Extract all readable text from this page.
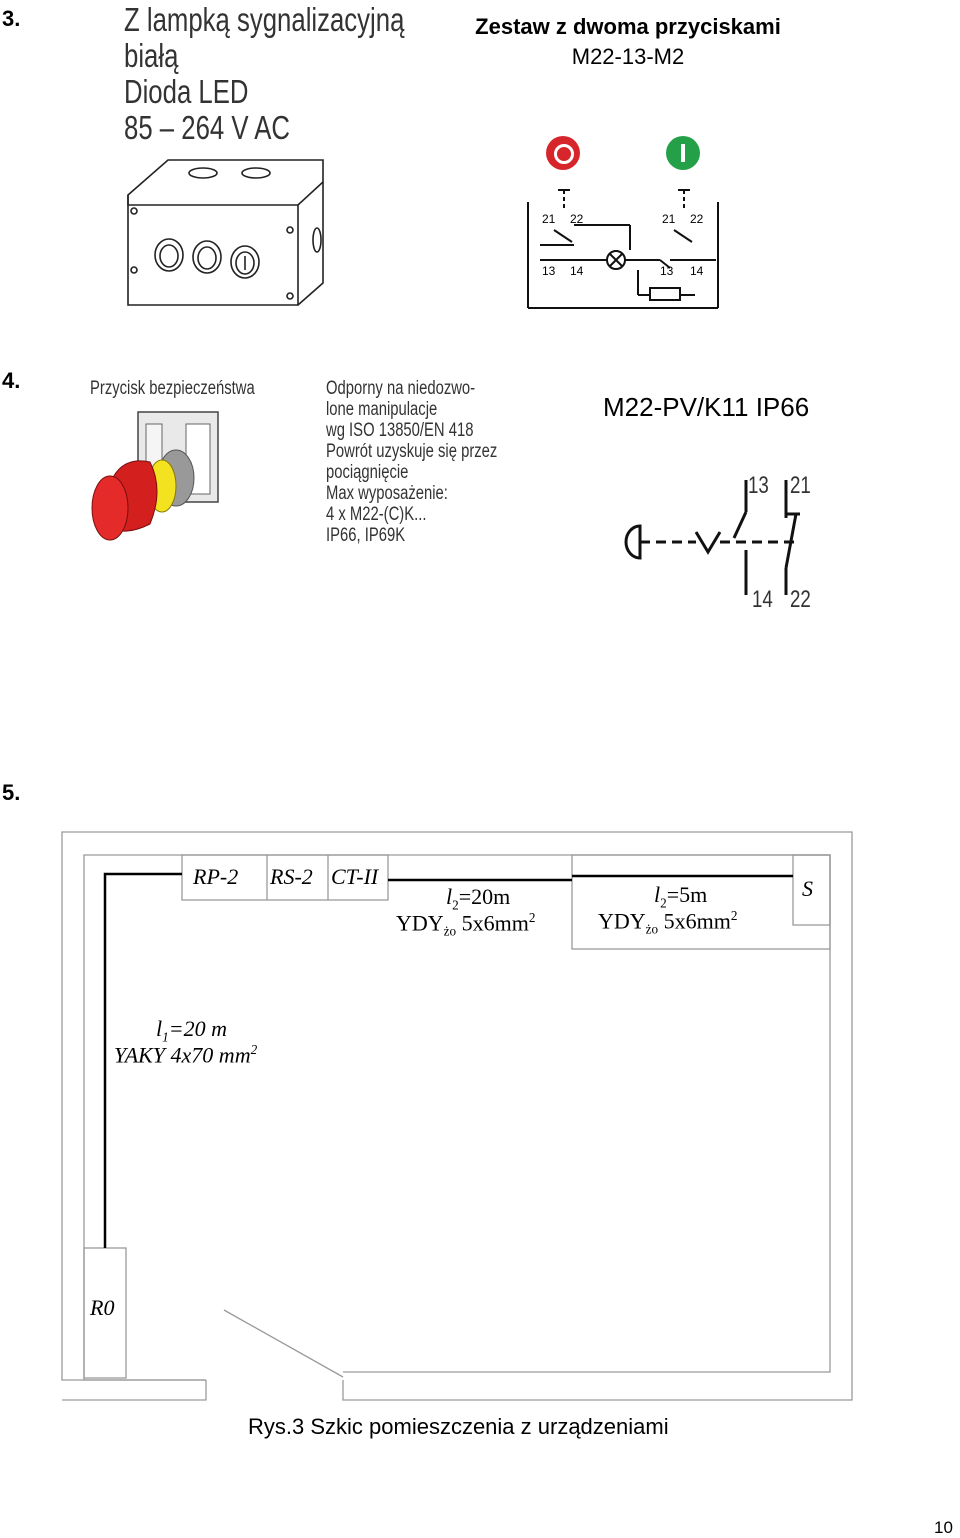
3.	Z lampką sygnalizacyjną
białą
Dioda LED
85 – 264 V AC
Zestaw z dwoma przyciskami
M22-13-M2
21 22	21 22
13 14	13 14
4.	Przycisk bezpieczeństwa	Odporny na niedozwo-
lone manipulacje
wg ISO 13850/EN 418
Powrót uzyskuje się przez
pociągnięcie
Max wyposażenie:
4 x M22-(C)K...
IP66, IP69K
M22-PV/K11 IP66
13 21
14 22
5.
RP-2 RS-2 CT-II	S
R0
$l_2=20m$
$YDY_{żo}$ $5x6mm^2$
$l_2=5m$
$YDY_{żo}$ $5x6mm^2$
$l_1=20$ m
YAKY 4x70 $mm^2$
Rys.3 Szkic pomieszczenia z urządzeniami
10
